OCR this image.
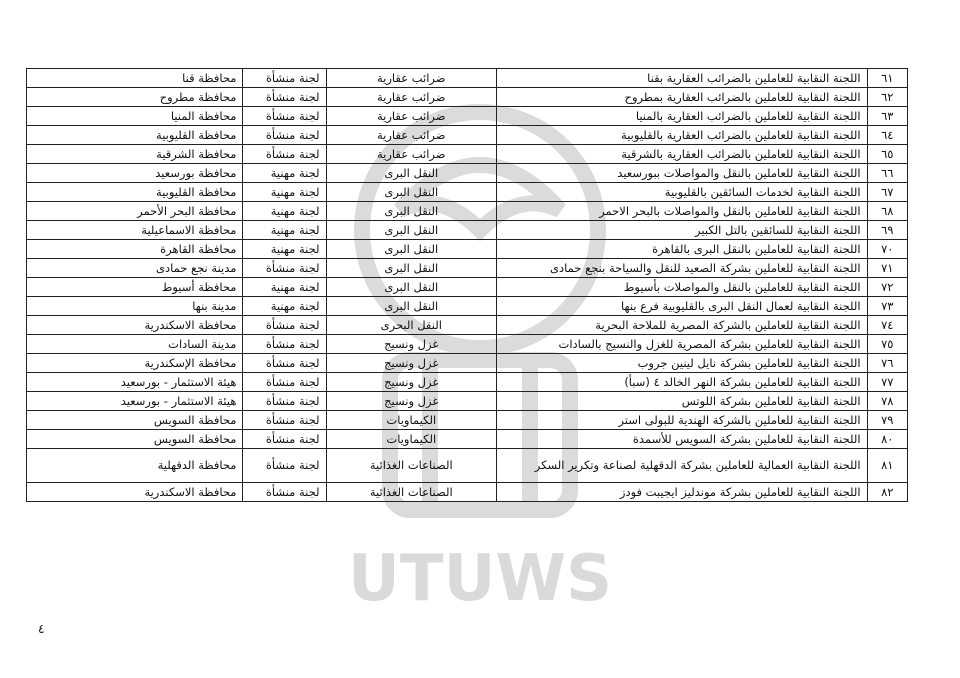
UTUWS
٦١	اللجنة النقابية للعاملين بالضرائب العقارية بقنا	ضرائب عقارية	لجنة منشأة	محافظة قنا
٦٢	اللجنة النقابية للعاملين بالضرائب العقارية بمطروح	ضرائب عقارية	لجنة منشأة	محافظة مطروح
٦٣	اللجنة النقابية للعاملين بالضرائب العقارية بالمنيا	ضرائب عقارية	لجنة منشأة	محافظة المنيا
٦٤	اللجنة النقابية للعاملين بالضرائب العقارية بالقليوبية	ضرائب عقارية	لجنة منشأة	محافظة القليوبية
٦٥	اللجنة النقابية للعاملين بالضرائب العقارية بالشرقية	ضرائب عقارية	لجنة منشأة	محافظة الشرقية
٦٦	اللجنة النقابية للعاملين بالنقل والمواصلات ببورسعيد	النقل البرى	لجنة مهنية	محافظة بورسعيد
٦٧	اللجنة النقابية لخدمات السائقين بالقليوبية	النقل البرى	لجنة مهنية	محافظة القليوبية
٦٨	اللجنة النقابية للعاملين بالنقل والمواصلات بالبحر الاحمر	النقل البرى	لجنة مهنية	محافظة البحر الأحمر
٦٩	اللجنة النقابية للسائقين بالتل الكبير	النقل البرى	لجنة مهنية	محافظة الاسماعيلية
٧٠	اللجنة النقابية للعاملين بالنقل البرى بالقاهرة	النقل البرى	لجنة مهنية	محافظة القاهرة
٧١	اللجنة النقابية للعاملين بشركة الصعيد للنقل والسياحة بنجع حمادى	النقل البرى	لجنة منشأة	مدينة نجع حمادى
٧٢	اللجنة النقابية للعاملين بالنقل والمواصلات بأسيوط	النقل البرى	لجنة مهنية	محافظة أسيوط
٧٣	اللجنة النقابية لعمال النقل البرى بالقليوبية فرع بنها	النقل البرى	لجنة مهنية	مدينة بنها
٧٤	اللجنة النقابية للعاملين بالشركة المصرية للملاحة البحرية	النقل البحرى	لجنة منشأة	محافظة الاسكندرية
٧٥	اللجنة النقابية للعاملين بشركة المصرية للغزل والنسيج بالسادات	غزل ونسيج	لجنة منشأة	مدينة السادات
٧٦	اللجنة النقابية للعاملين بشركة نايل لينين جروب	غزل ونسيج	لجنة منشأة	محافظة الإسكندرية
٧٧	اللجنة النقابية للعاملين بشركة النهر الخالد ٤ (سبأ)	غزل ونسيج	لجنة منشأة	هيئة الاستثمار - بورسعيد
٧٨	اللجنة النقابية للعاملين بشركة اللوتس	غزل ونسيج	لجنة منشأة	هيئة الاستثمار - بورسعيد
٧٩	اللجنة النقابية للعاملين بالشركة الهندية للبولى استر	الكيماويات	لجنة منشأة	محافظة السويس
٨٠	اللجنة النقابية للعاملين بشركة السويس للأسمدة	الكيماويات	لجنة منشأة	محافظة السويس
٨١	اللجنة النقابية العمالية للعاملين بشركة الدقهلية لصناعة وتكرير السكر	الصناعات الغذائية	لجنة منشأة	محافظة الدقهلية
٨٢	اللجنة النقابية للعاملين بشركة موندليز ايجيبت فودز	الصناعات الغذائية	لجنة منشأة	محافظة الاسكندرية
٤
